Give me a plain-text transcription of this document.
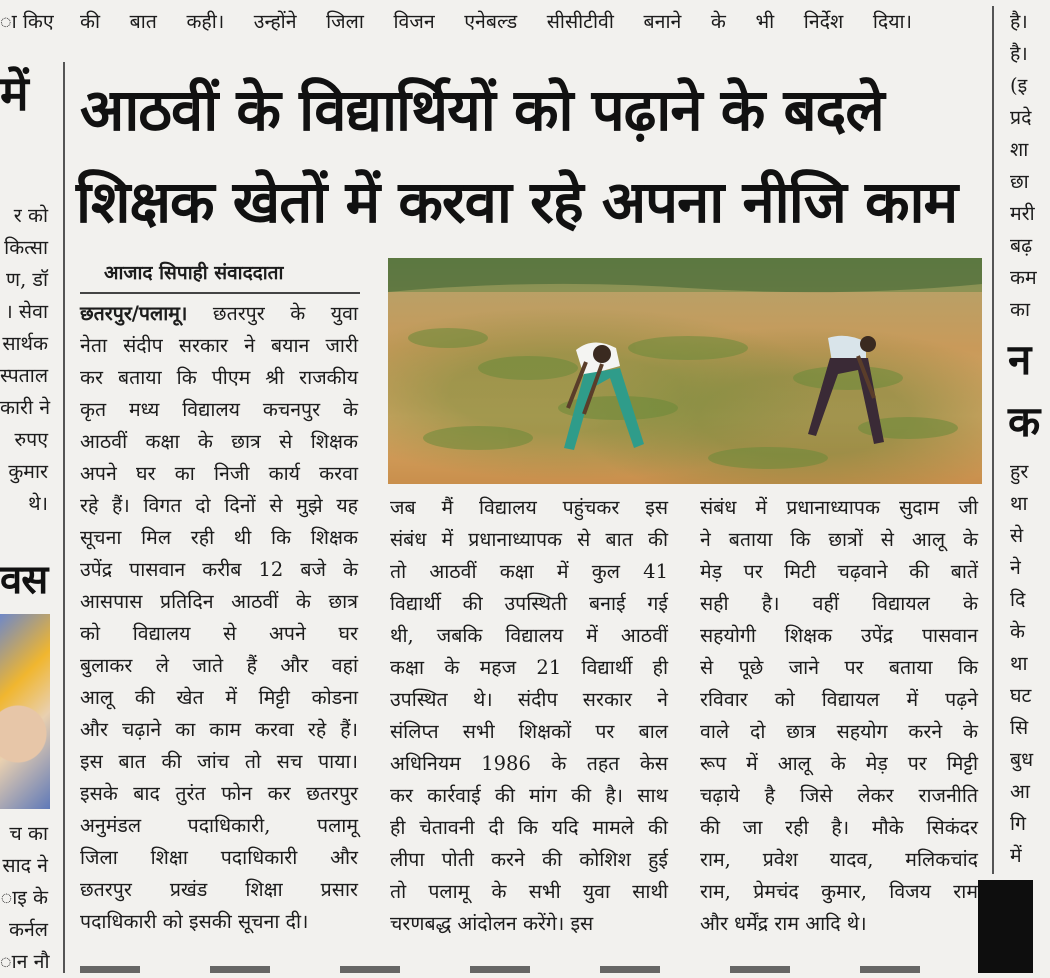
ा किए की बात कही। उन्होंने जिला विजन एनेबल्ड सीसीटीवी बनाने के भी निर्देश दिया।	है।
में
र को
कित्सा
ण, डॉ
। सेवा
सार्थक
स्पताल
कारी ने
रुपए
कुमार
थे।
वस
च का
साद ने
ाइ के
कर्नल
ान नौ
आठवीं के विद्यार्थियों को पढ़ाने के बदले
शिक्षक खेतों में करवा रहे अपना नीजि काम
आजाद सिपाही संवाददाता
छतरपुर/पलामू। छतरपुर के युवा
नेता संदीप सरकार ने बयान जारी
कर बताया कि पीएम श्री राजकीय
कृत मध्य विद्यालय कचनपुर के
आठवीं कक्षा के छात्र से शिक्षक
अपने घर का निजी कार्य करवा
रहे हैं। विगत दो दिनों से मुझे यह
सूचना मिल रही थी कि शिक्षक
उपेंद्र पासवान करीब 12 बजे के
आसपास प्रतिदिन आठवीं के छात्र
को विद्यालय से अपने घर
बुलाकर ले जाते हैं और वहां
आलू की खेत में मिट्टी कोडना
और चढ़ाने का काम करवा रहे हैं।
इस बात की जांच तो सच पाया।
इसके बाद तुरंत फोन कर छतरपुर
अनुमंडल पदाधिकारी, पलामू
जिला शिक्षा पदाधिकारी और
छतरपुर प्रखंड शिक्षा प्रसार
पदाधिकारी को इसकी सूचना दी।
जब मैं विद्यालय पहुंचकर इस
संबंध में प्रधानाध्यापक से बात की
तो आठवीं कक्षा में कुल 41
विद्यार्थी की उपस्थिती बनाई गई
थी, जबकि विद्यालय में आठवीं
कक्षा के महज 21 विद्यार्थी ही
उपस्थित थे। संदीप सरकार ने
संलिप्त सभी शिक्षकों पर बाल
अधिनियम 1986 के तहत केस
कर कार्रवाई की मांग की है। साथ
ही चेतावनी दी कि यदि मामले की
लीपा पोती करने की कोशिश हुई
तो पलामू के सभी युवा साथी
चरणबद्ध आंदोलन करेंगे। इस
संबंध में प्रधानाध्यापक सुदाम जी
ने बताया कि छात्रों से आलू के
मेड़ पर मिटी चढ़वाने की बातें
सही है। वहीं विद्यायल के
सहयोगी शिक्षक उपेंद्र पासवान
से पूछे जाने पर बताया कि
रविवार को विद्यायल में पढ़ने
वाले दो छात्र सहयोग करने के
रूप में आलू के मेड़ पर मिट्टी
चढ़ाये है जिसे लेकर राजनीति
की जा रही है। मौके सिकंदर
राम, प्रवेश यादव, मलिकचांद
राम, प्रेमचंद कुमार, विजय राम
और धर्मेंद्र राम आदि थे।
है।
(इ
प्रदे
शा
छा
मरी
बढ़
कम
का
न
क
हुर
था
से
ने
दि
के
था
घट
सि
बुध
आ
गि
में
